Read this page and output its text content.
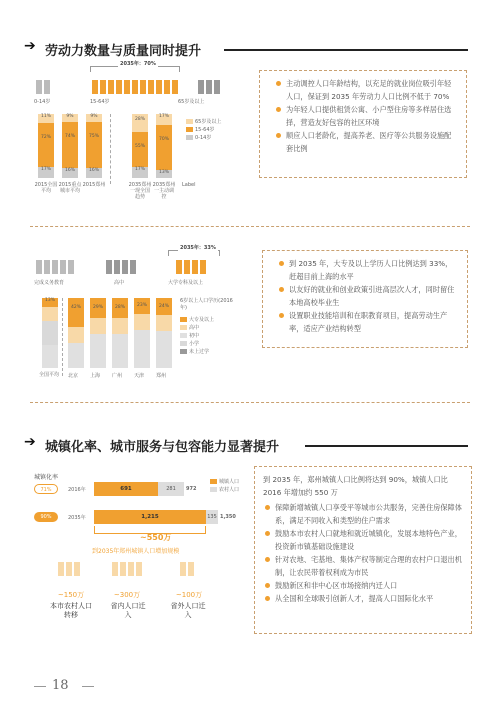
➔ 劳动力数量与质量同时提升
2035年：70%
0-14岁	15-64岁	65岁及以上
11%
72%
17%
9%
74%
16%
9%
75%
16%
28%
55%
17%
17%
70%
13%
2015全国平均
2015重点城市平均
2015郑州	2035郑州一现全国趋势
2035郑州一主动调控
Label
65岁及以上
15-64岁
0-14岁
主动调控人口年龄结构，以充足的就业岗位吸引年轻人口，保证到 2035 年劳动力人口比例不低于 70%
为年轻人口提供租赁公寓、小户型住房等多样居住选择，营造友好包容的社区环境
顺应人口老龄化，提高养老、医疗等公共服务设施配套比例
2035年：33%
完成义务教育	高中	大学专科及以上
13%
42%	29%	28%	23%	24%
全国平均 北京 上海 广州 天津 郑州
6岁以上人口学历(2016年)
大专及以上
高中
初中
小学
未上过学
到 2035 年，大专及以上学历人口比例达到 33%，赶超目前上海的水平
以友好的就业和创业政策引进高层次人才，同时留住本地高校毕业生
设置职业技能培训和在职教育项目，提高劳动生产率，适应产业结构转型
➔ 城镇化率、城市服务与包容能力显著提升
城镇化率
71%	2016年	691	281	972
90%	2035年	1,215	135 1,350
城镇人口
农村人口
~550万
到2035年郑州城镇人口增加规模
~150万	~300万	~100万
本市农村人口转移
省内人口迁入
省外人口迁入
到 2035 年，郑州城镇人口比例将达到 90%，城镇人口比 2016 年增加约 550 万
保障新增城镇人口享受平等城市公共服务，完善住房保障体系，满足不同收入和类型的住户需求
鼓励本市农村人口就地和就近城镇化，发展本地特色产业，投资新市镇基础设施建设
针对农地、宅基地、集体产权等制定合理的农村户口退出机制，让农民带着权利成为市民
鼓励新区和非中心区市场接纳内迁人口
从全国和全球吸引创新人才，提高人口国际化水平
18
